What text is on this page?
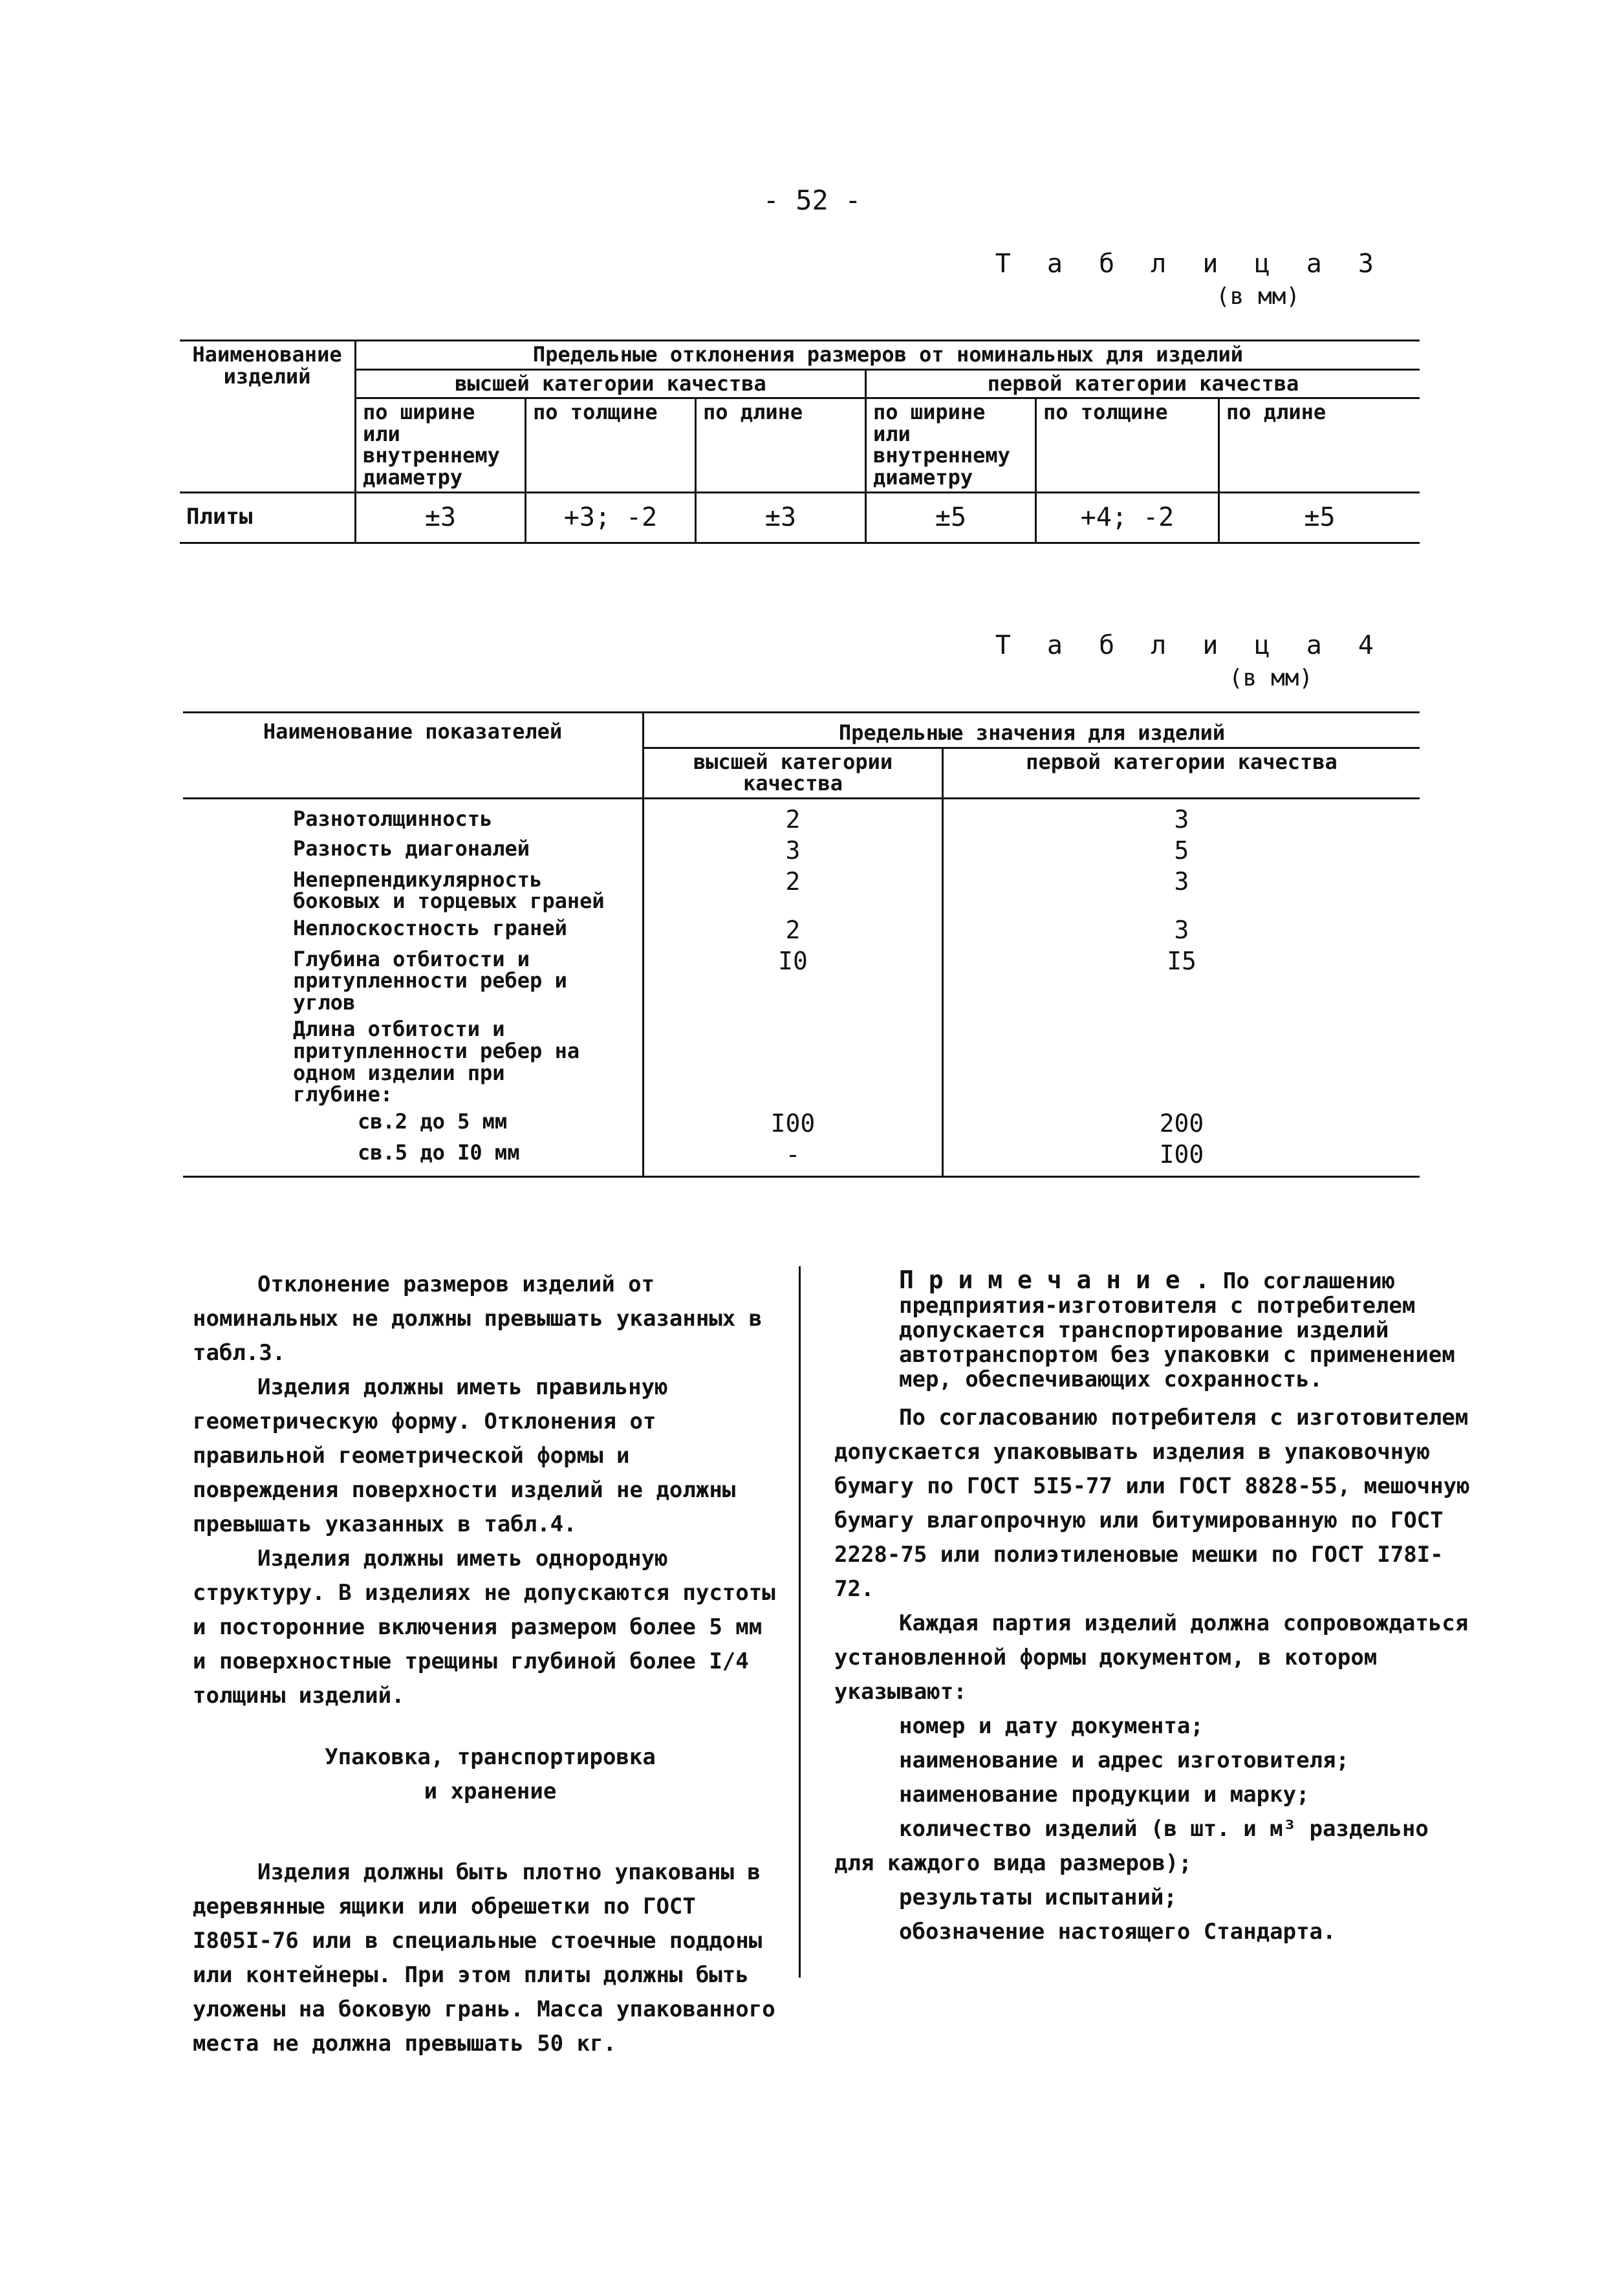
- 52 -
Т а б л и ц а 3
(в мм)
Наименование изделий	Предельные отклонения размеров от номинальных для изделий					
	высшей категории качества			первой категории качества		
	по ширине или внутреннему диаметру	по толщине	по длине	по ширине или внутреннему диаметру	по толщине	по длине
Плиты	±3	+3; -2	±3	±5	+4; -2	±5
Т а б л и ц а 4
(в мм)
Наименование показателей	Предельные значения для изделий	
	высшей категории качества	первой категории качества
Разнотолщинность	2	3
Разность диагоналей	3	5
Неперпендикулярность боковых и торцевых граней	2	3
Неплоскостность граней	2	3
Глубина отбитости и притупленности ребер и углов	I0	I5
Длина отбитости и притупленности ребер на одном изделии при глубине:		
св.2 до 5 мм	I00	200
св.5 до I0 мм	-	I00

Отклонение размеров изделий от номинальных не должны превышать указанных в табл.3.

Изделия должны иметь правильную геометрическую форму. Отклонения от правильной геометрической формы и повреждения поверхности изделий не должны превышать указанных в табл.4.

Изделия должны иметь однородную структуру. В изделиях не допускаются пустоты и посторонние включения размером более 5 мм и поверхностные трещины глубиной более I/4 толщины изделий.

Упаковка, транспортировка

и хранение

Изделия должны быть плотно упакованы в деревянные ящики или обрешетки по ГОСТ I805I-76 или в специальные стоечные поддоны или контейнеры. При этом плиты должны быть уложены на боковую грань. Масса упакованного места не должна превышать 50 кг.

П р и м е ч а н и е . По соглашению предприятия-изготовителя с потребителем допускается транспортирование изделий автотранспортом без упаковки с применением мер, обеспечивающих сохранность.

По согласованию потребителя с изготовителем допускается упаковывать изделия в упаковочную бумагу по ГОСТ 5I5-77 или ГОСТ 8828-55, мешочную бумагу влагопрочную или битумированную по ГОСТ 2228-75 или полиэтиленовые мешки по ГОСТ I78I-72.

Каждая партия изделий должна сопровождаться установленной формы документом, в котором указывают:

номер и дату документа;

наименование и адрес изготовителя;

наименование продукции и марку;

количество изделий (в шт. и м³ раздельно для каждого вида размеров);

результаты испытаний;

обозначение настоящего Стандарта.
